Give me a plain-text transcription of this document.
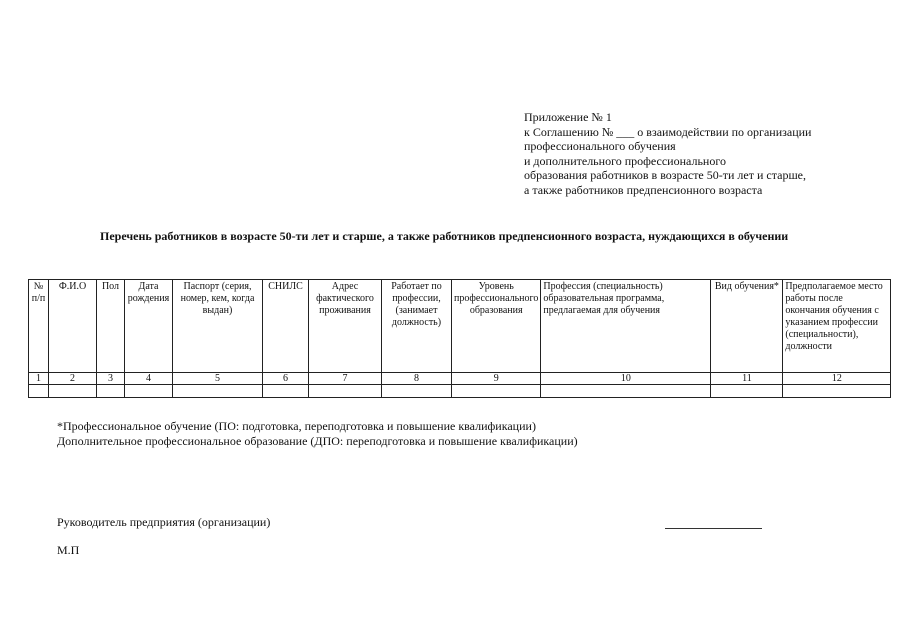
Приложение № 1
к Соглашению № ___ о взаимодействии по организации
профессионального обучения
и дополнительного профессионального
образования работников в возрасте 50-ти лет и старше,
а также работников предпенсионного возраста
Перечень работников в возрасте 50-ти лет и старше, а также работников предпенсионного возраста, нуждающихся в обучении
№ п/п	Ф.И.О	Пол	Дата рождения	Паспорт (серия, номер, кем, когда выдан)	СНИЛС	Адрес фактического проживания	Работает по профессии, (занимает должность)	Уровень профессионального образования	Профессия (специальность) образовательная программа, предлагаемая для обучения	Вид обучения*	Предполагаемое место работы после окончания обучения с указанием профессии (специальности), должности
1	2	3	4	5	6	7	8	9	10	11	12

*Профессиональное обучение (ПО: подготовка, переподготовка и повышение квалификации)
Дополнительное профессиональное образование (ДПО: переподготовка и повышение квалификации)
Руководитель предприятия (организации)
М.П
